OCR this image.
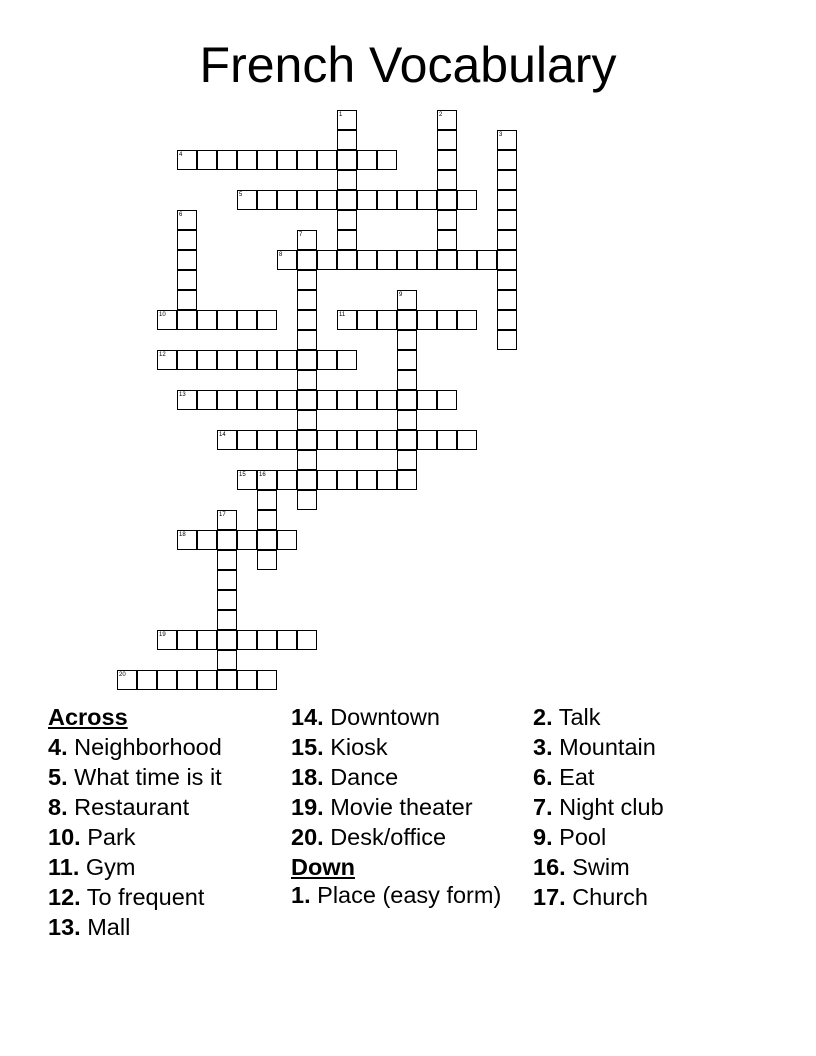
French Vocabulary
1	2
3
4
5
6
7
8
9
10	11
12
13
14
15 16
17
18
19
20
Across
4. Neighborhood
5. What time is it
8. Restaurant
10. Park
11. Gym
12. To frequent
13. Mall
14. Downtown
15. Kiosk
18. Dance
19. Movie theater
20. Desk/office
Down
1. Place (easy form)
2. Talk
3. Mountain
6. Eat
7. Night club
9. Pool
16. Swim
17. Church
